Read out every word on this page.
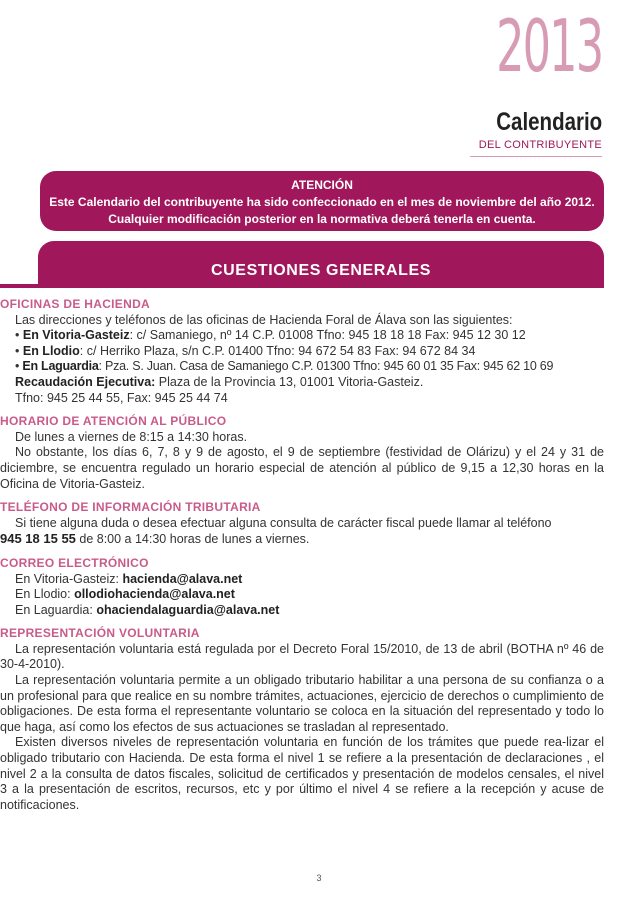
2013
Calendario
DEL CONTRIBUYENTE
ATENCIÓN
Este Calendario del contribuyente ha sido confeccionado en el mes de noviembre del año 2012.
Cualquier modificación posterior en la normativa deberá tenerla en cuenta.
CUESTIONES GENERALES
OFICINAS DE HACIENDA
Las direcciones y teléfonos de las oficinas de Hacienda Foral de Álava son las siguientes:
• En Vitoria-Gasteiz: c/ Samaniego, nº 14 C.P. 01008 Tfno: 945 18 18 18 Fax: 945 12 30 12
• En Llodio: c/ Herriko Plaza, s/n C.P. 01400 Tfno: 94 672 54 83 Fax: 94 672 84 34
• En Laguardia: Pza. S. Juan. Casa de Samaniego C.P. 01300 Tfno: 945 60 01 35 Fax: 945 62 10 69
Recaudación Ejecutiva: Plaza de la Provincia 13, 01001 Vitoria-Gasteiz.
Tfno: 945 25 44 55, Fax: 945 25 44 74
HORARIO DE ATENCIÓN AL PÚBLICO
De lunes a viernes de 8:15 a 14:30 horas.
No obstante, los días 6, 7, 8 y 9 de agosto, el 9 de septiembre (festividad de Olárizu) y el 24 y 31 de diciembre, se encuentra regulado un horario especial de atención al público de 9,15 a 12,30 horas en la Oficina de Vitoria-Gasteiz.
TELÉFONO DE INFORMACIÓN TRIBUTARIA
Si tiene alguna duda o desea efectuar alguna consulta de carácter fiscal puede llamar al teléfono
945 18 15 55 de 8:00 a 14:30 horas de lunes a viernes.
CORREO ELECTRÓNICO
En Vitoria-Gasteiz: hacienda@alava.net
En Llodio: ollodiohacienda@alava.net
En Laguardia: ohaciendalaguardia@alava.net
REPRESENTACIÓN VOLUNTARIA
La representación voluntaria está regulada por el Decreto Foral 15/2010, de 13 de abril (BOTHA nº 46 de 30-4-2010).
La representación voluntaria permite a un obligado tributario habilitar a una persona de su confianza o a un profesional para que realice en su nombre trámites, actuaciones, ejercicio de derechos o cumplimiento de obligaciones. De esta forma el representante voluntario se coloca en la situación del representado y todo lo que haga, así como los efectos de sus actuaciones se trasladan al representado.
Existen diversos niveles de representación voluntaria en función de los trámites que puede rea-lizar el obligado tributario con Hacienda. De esta forma el nivel 1 se refiere a la presentación de declaraciones , el nivel 2 a la consulta de datos fiscales, solicitud de certificados y presentación de modelos censales, el nivel 3 a la presentación de escritos, recursos, etc y por último el nivel 4 se refiere a la recepción y acuse de notificaciones.
3
